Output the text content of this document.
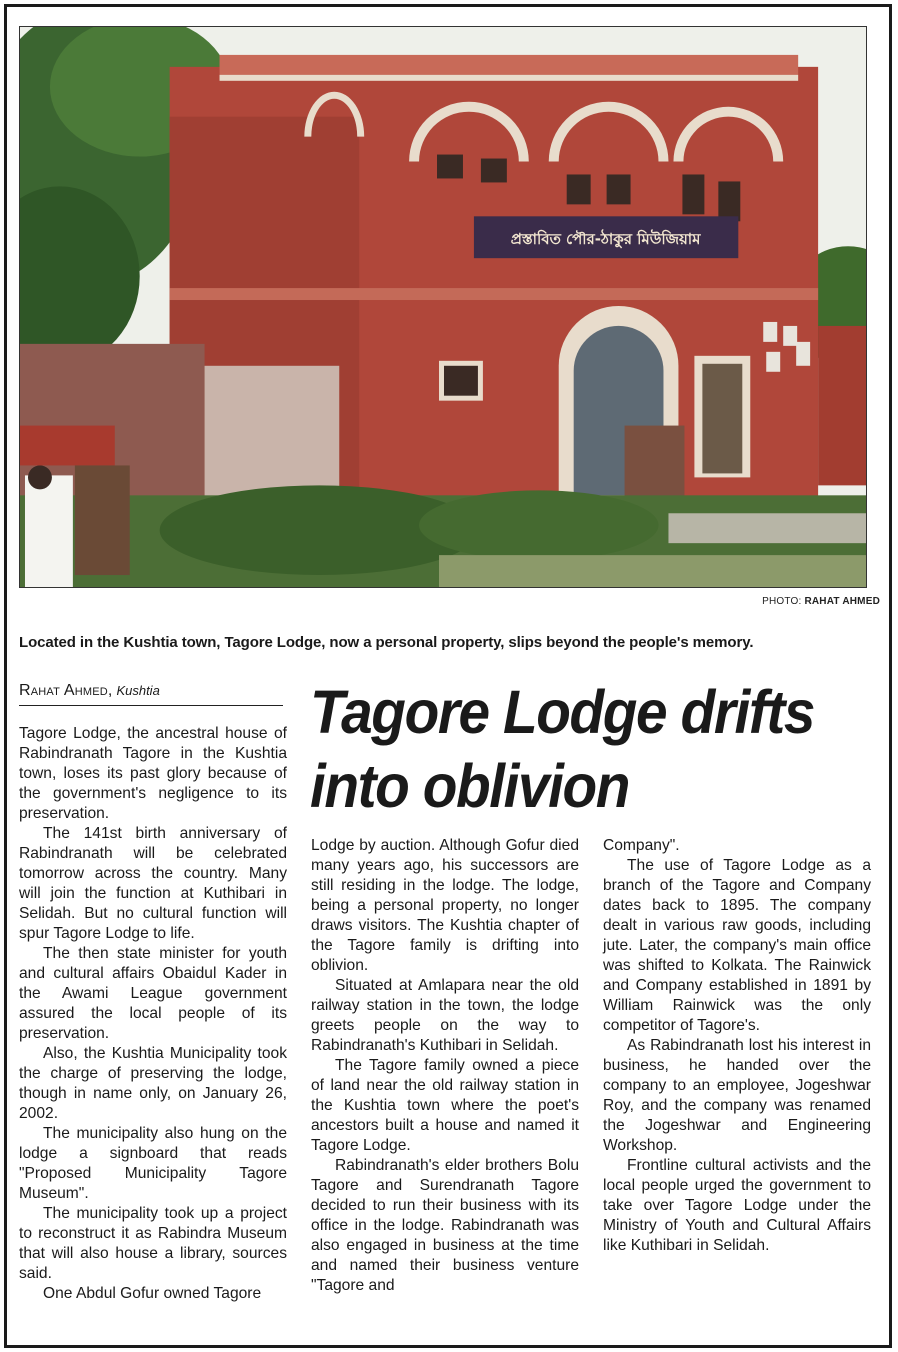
প্রস্তাবিত পৌর-ঠাকুর মিউজিয়াম
PHOTO: RAHAT AHMED
Located in the Kushtia town, Tagore Lodge, now a personal property, slips beyond the people's memory.
Rahat Ahmed, Kushtia	Tagore Lodge drifts
into oblivion

Tagore Lodge, the ancestral house of Rabindranath Tagore in the Kushtia town, loses its past glory because of the government's negligence to its preservation.

The 141st birth anniversary of Rabindranath will be celebrated tomorrow across the country. Many will join the function at Kuthibari in Selidah. But no cultural function will spur Tagore Lodge to life.

The then state minister for youth and cultural affairs Obaidul Kader in the Awami League government assured the local people of its preservation.

Also, the Kushtia Municipality took the charge of preserving the lodge, though in name only, on January 26, 2002.

The municipality also hung on the lodge a signboard that reads "Proposed Municipality Tagore Museum".

The municipality took up a project to reconstruct it as Rabindra Museum that will also house a library, sources said.

One Abdul Gofur owned Tagore

Lodge by auction. Although Gofur died many years ago, his successors are still residing in the lodge. The lodge, being a personal property, no longer draws visitors. The Kushtia chapter of the Tagore family is drifting into oblivion.

Situated at Amlapara near the old railway station in the town, the lodge greets people on the way to Rabindranath's Kuthibari in Selidah.

The Tagore family owned a piece of land near the old railway station in the Kushtia town where the poet's ancestors built a house and named it Tagore Lodge.

Rabindranath's elder brothers Bolu Tagore and Surendranath Tagore decided to run their business with its office in the lodge. Rabindranath was also engaged in business at the time and named their business venture "Tagore and

Company".

The use of Tagore Lodge as a branch of the Tagore and Company dates back to 1895. The company dealt in various raw goods, including jute. Later, the company's main office was shifted to Kolkata. The Rainwick and Company established in 1891 by William Rainwick was the only competitor of Tagore's.

As Rabindranath lost his interest in business, he handed over the company to an employee, Jogeshwar Roy, and the company was renamed the Jogeshwar and Engineering Workshop.

Frontline cultural activists and the local people urged the government to take over Tagore Lodge under the Ministry of Youth and Cultural Affairs like Kuthibari in Selidah.
